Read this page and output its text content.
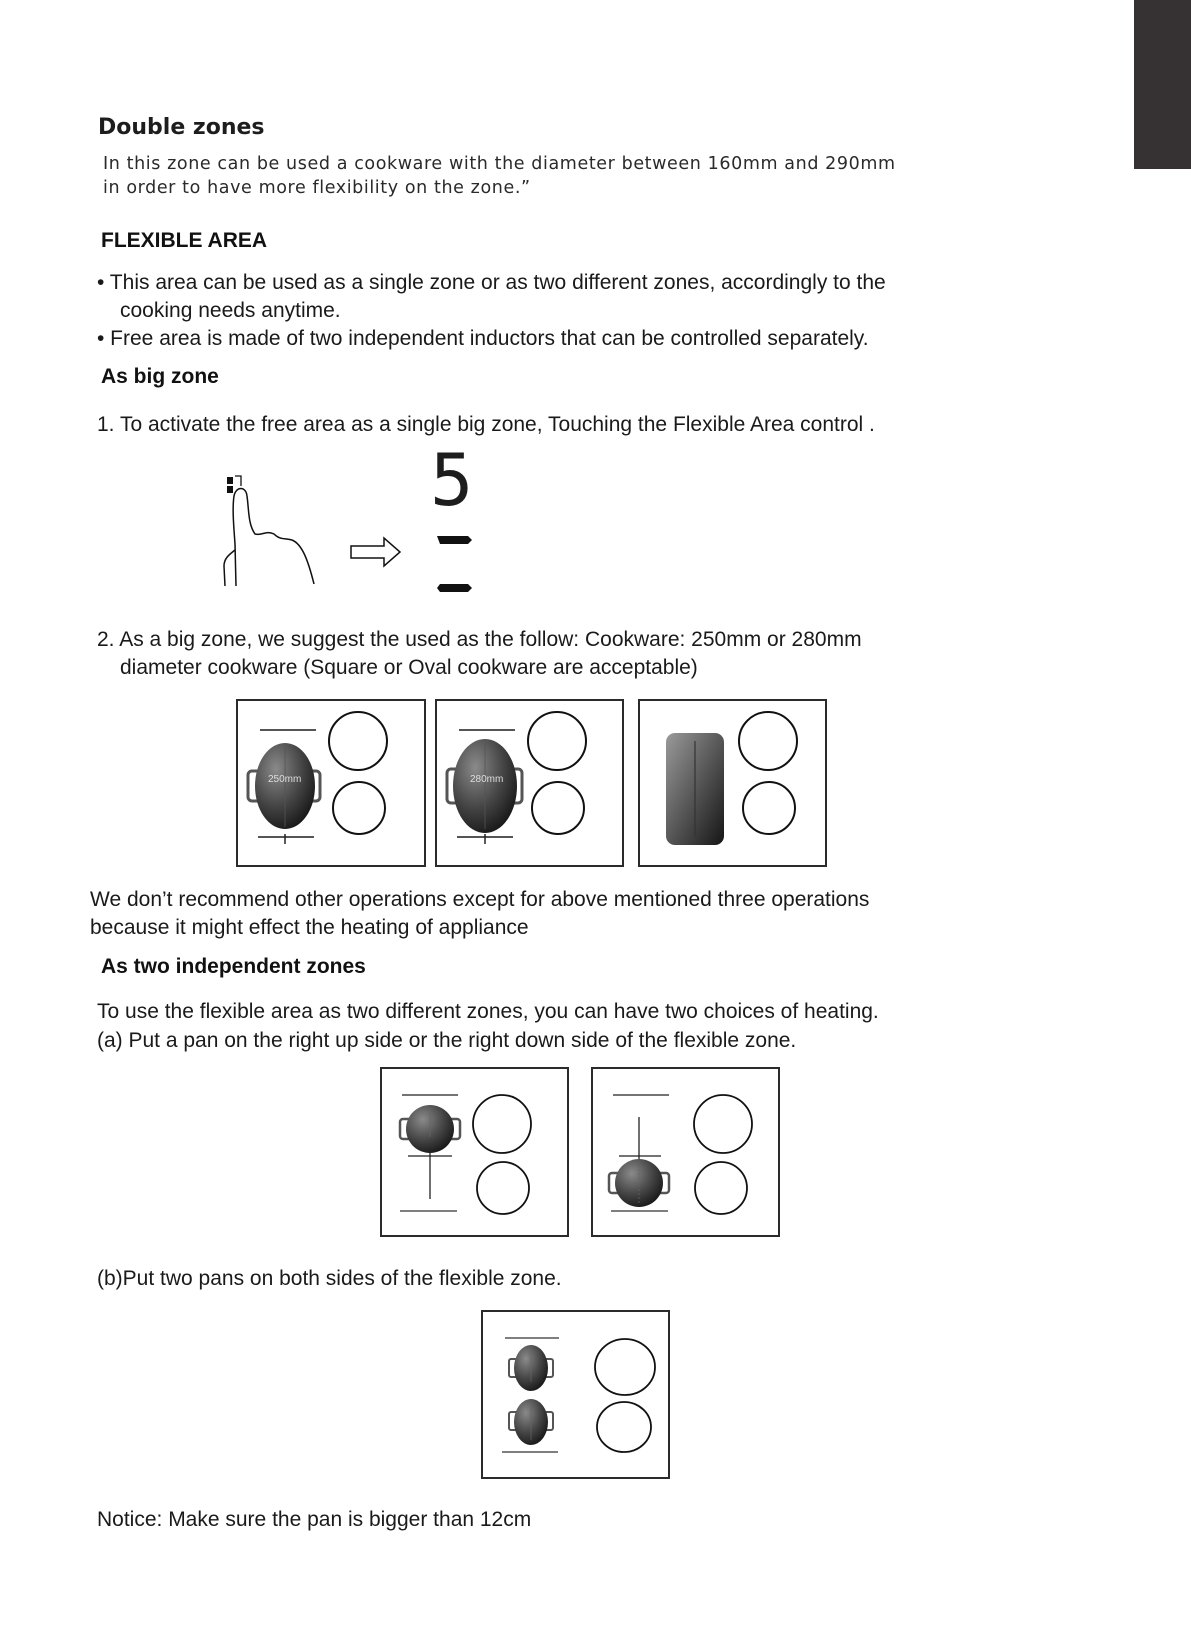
Double zones
In this zone can be used a cookware with the diameter between 160mm and 290mm
in order to have more flexibility on the zone.”
FLEXIBLE AREA
• This area can be used as a single zone or as two different zones, accordingly to the
cooking needs anytime.
• Free area is made of two independent inductors that can be controlled separately.
As big zone
1. To activate the free area as a single big zone, Touching the Flexible Area control .
5
2. As a big zone, we suggest the used as the follow: Cookware: 250mm or 280mm
diameter cookware (Square or Oval cookware are acceptable)
250mm	280mm
We don’t recommend other operations except for above mentioned three operations
because it might effect the heating of appliance
As two independent zones
To use the flexible area as two different zones, you can have two choices of heating.
(a) Put a pan on the right up side or the right down side of the flexible zone.
(b)Put two pans on both sides of the flexible zone.
Notice: Make sure the pan is bigger than 12cm
